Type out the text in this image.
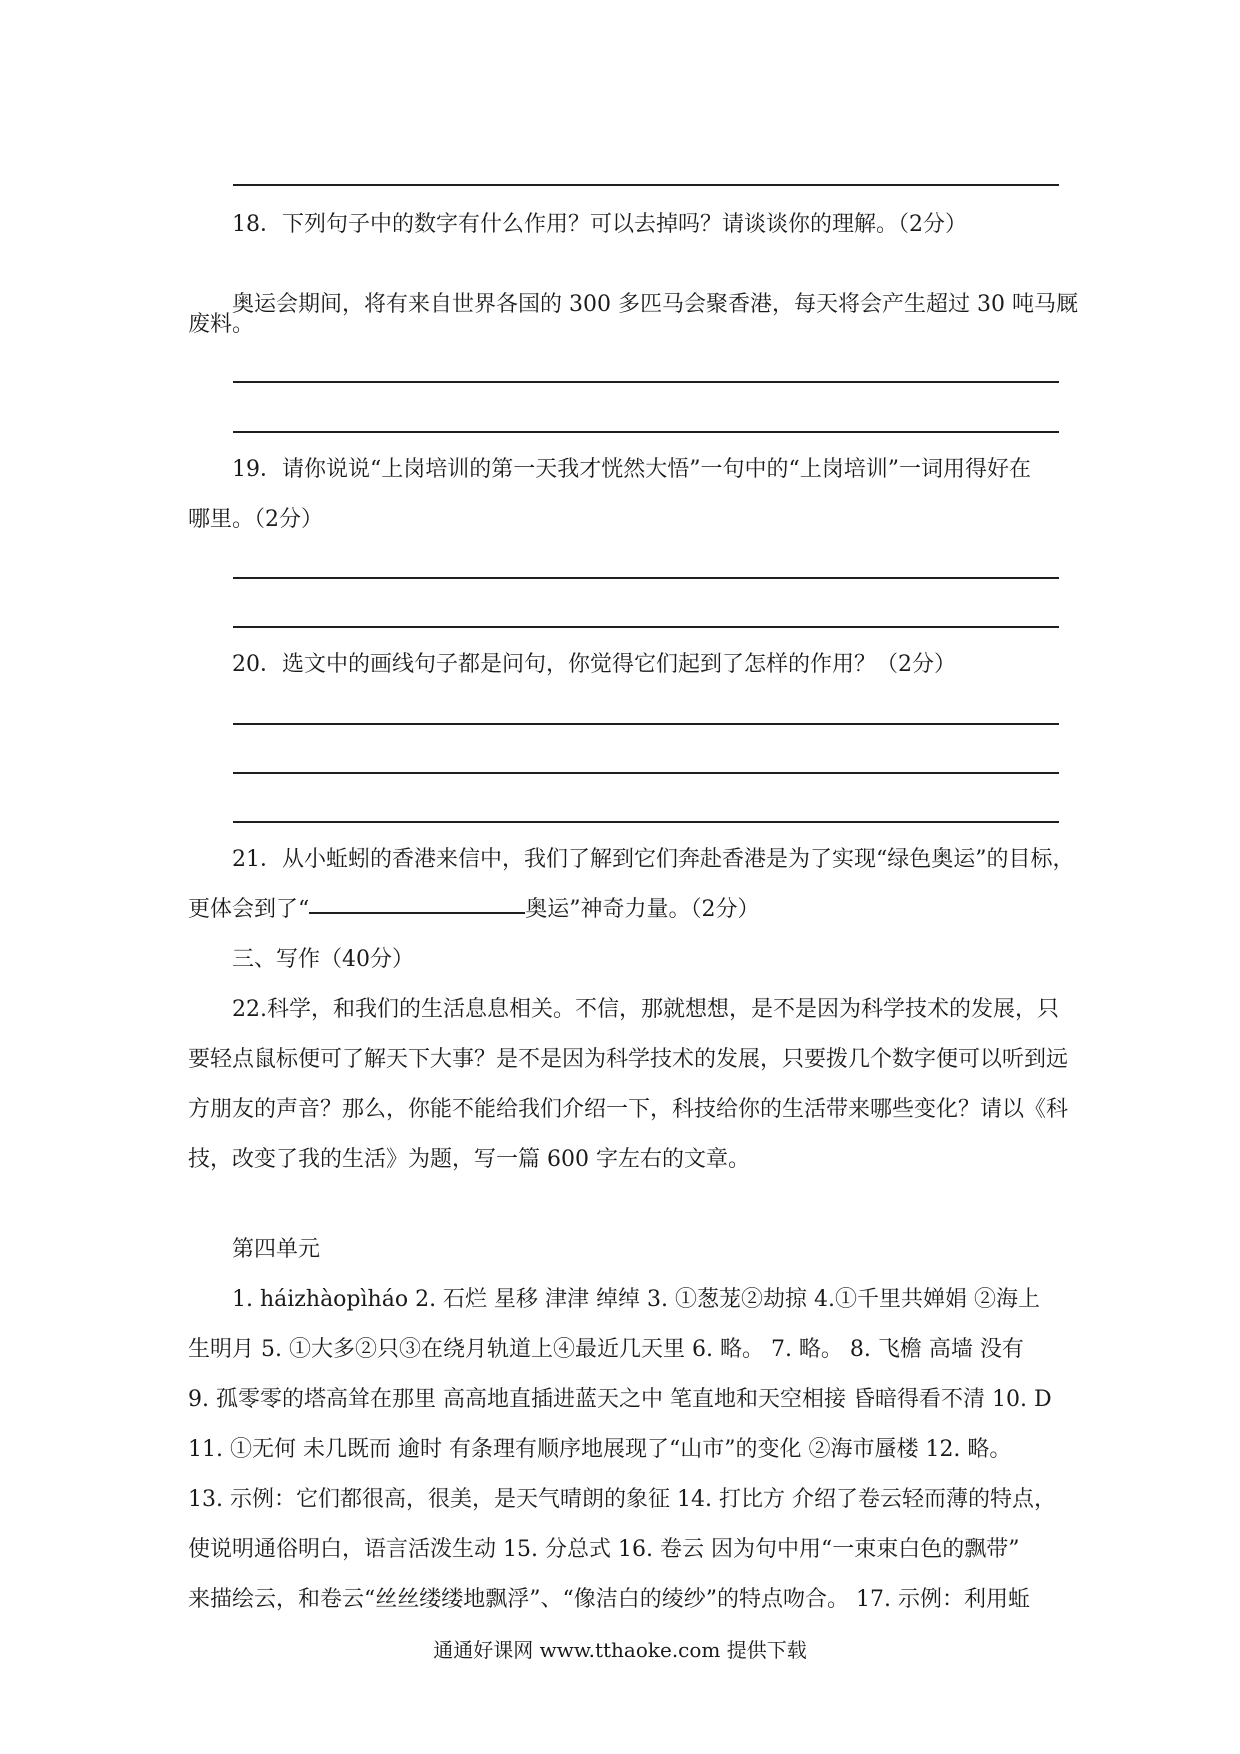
18．下列句子中的数字有什么作用？可以去掉吗？请谈谈你的理解。（2分）
奥运会期间，将有来自世界各国的 300 多匹马会聚香港，每天将会产生超过 30 吨马厩
废料。
19．请你说说“上岗培训的第一天我才恍然大悟”一句中的“上岗培训”一词用得好在
哪里。（2分）
20．选文中的画线句子都是问句，你觉得它们起到了怎样的作用？（2分）
21．从小蚯蚓的香港来信中，我们了解到它们奔赴香港是为了实现“绿色奥运”的目标，
更体会到了“	奥运”神奇力量。（2分）
三、写作（40分）
22.科学，和我们的生活息息相关。不信，那就想想，是不是因为科学技术的发展，只
要轻点鼠标便可了解天下大事？是不是因为科学技术的发展，只要拨几个数字便可以听到远
方朋友的声音？那么，你能不能给我们介绍一下，科技给你的生活带来哪些变化？请以《科
技，改变了我的生活》为题，写一篇 600 字左右的文章。
第四单元
1. háizhàopìháo 2. 石烂 星移 津津 绰绰 3. ①葱茏②劫掠 4.①千里共婵娟 ②海上
生明月 5. ①大多②只③在绕月轨道上④最近几天里 6. 略。 7. 略。 8. 飞檐 高墙 没有
9. 孤零零的塔高耸在那里 高高地直插进蓝天之中 笔直地和天空相接 昏暗得看不清 10. D
11. ①无何 未几既而 逾时 有条理有顺序地展现了“山市”的变化 ②海市蜃楼 12. 略。
13. 示例：它们都很高，很美，是天气晴朗的象征 14. 打比方 介绍了卷云轻而薄的特点，
使说明通俗明白，语言活泼生动 15. 分总式 16. 卷云 因为句中用“一束束白色的飘带”
来描绘云，和卷云“丝丝缕缕地飘浮”、“像洁白的绫纱”的特点吻合。 17. 示例：利用蚯
通通好课网 www.tthaoke.com 提供下载
